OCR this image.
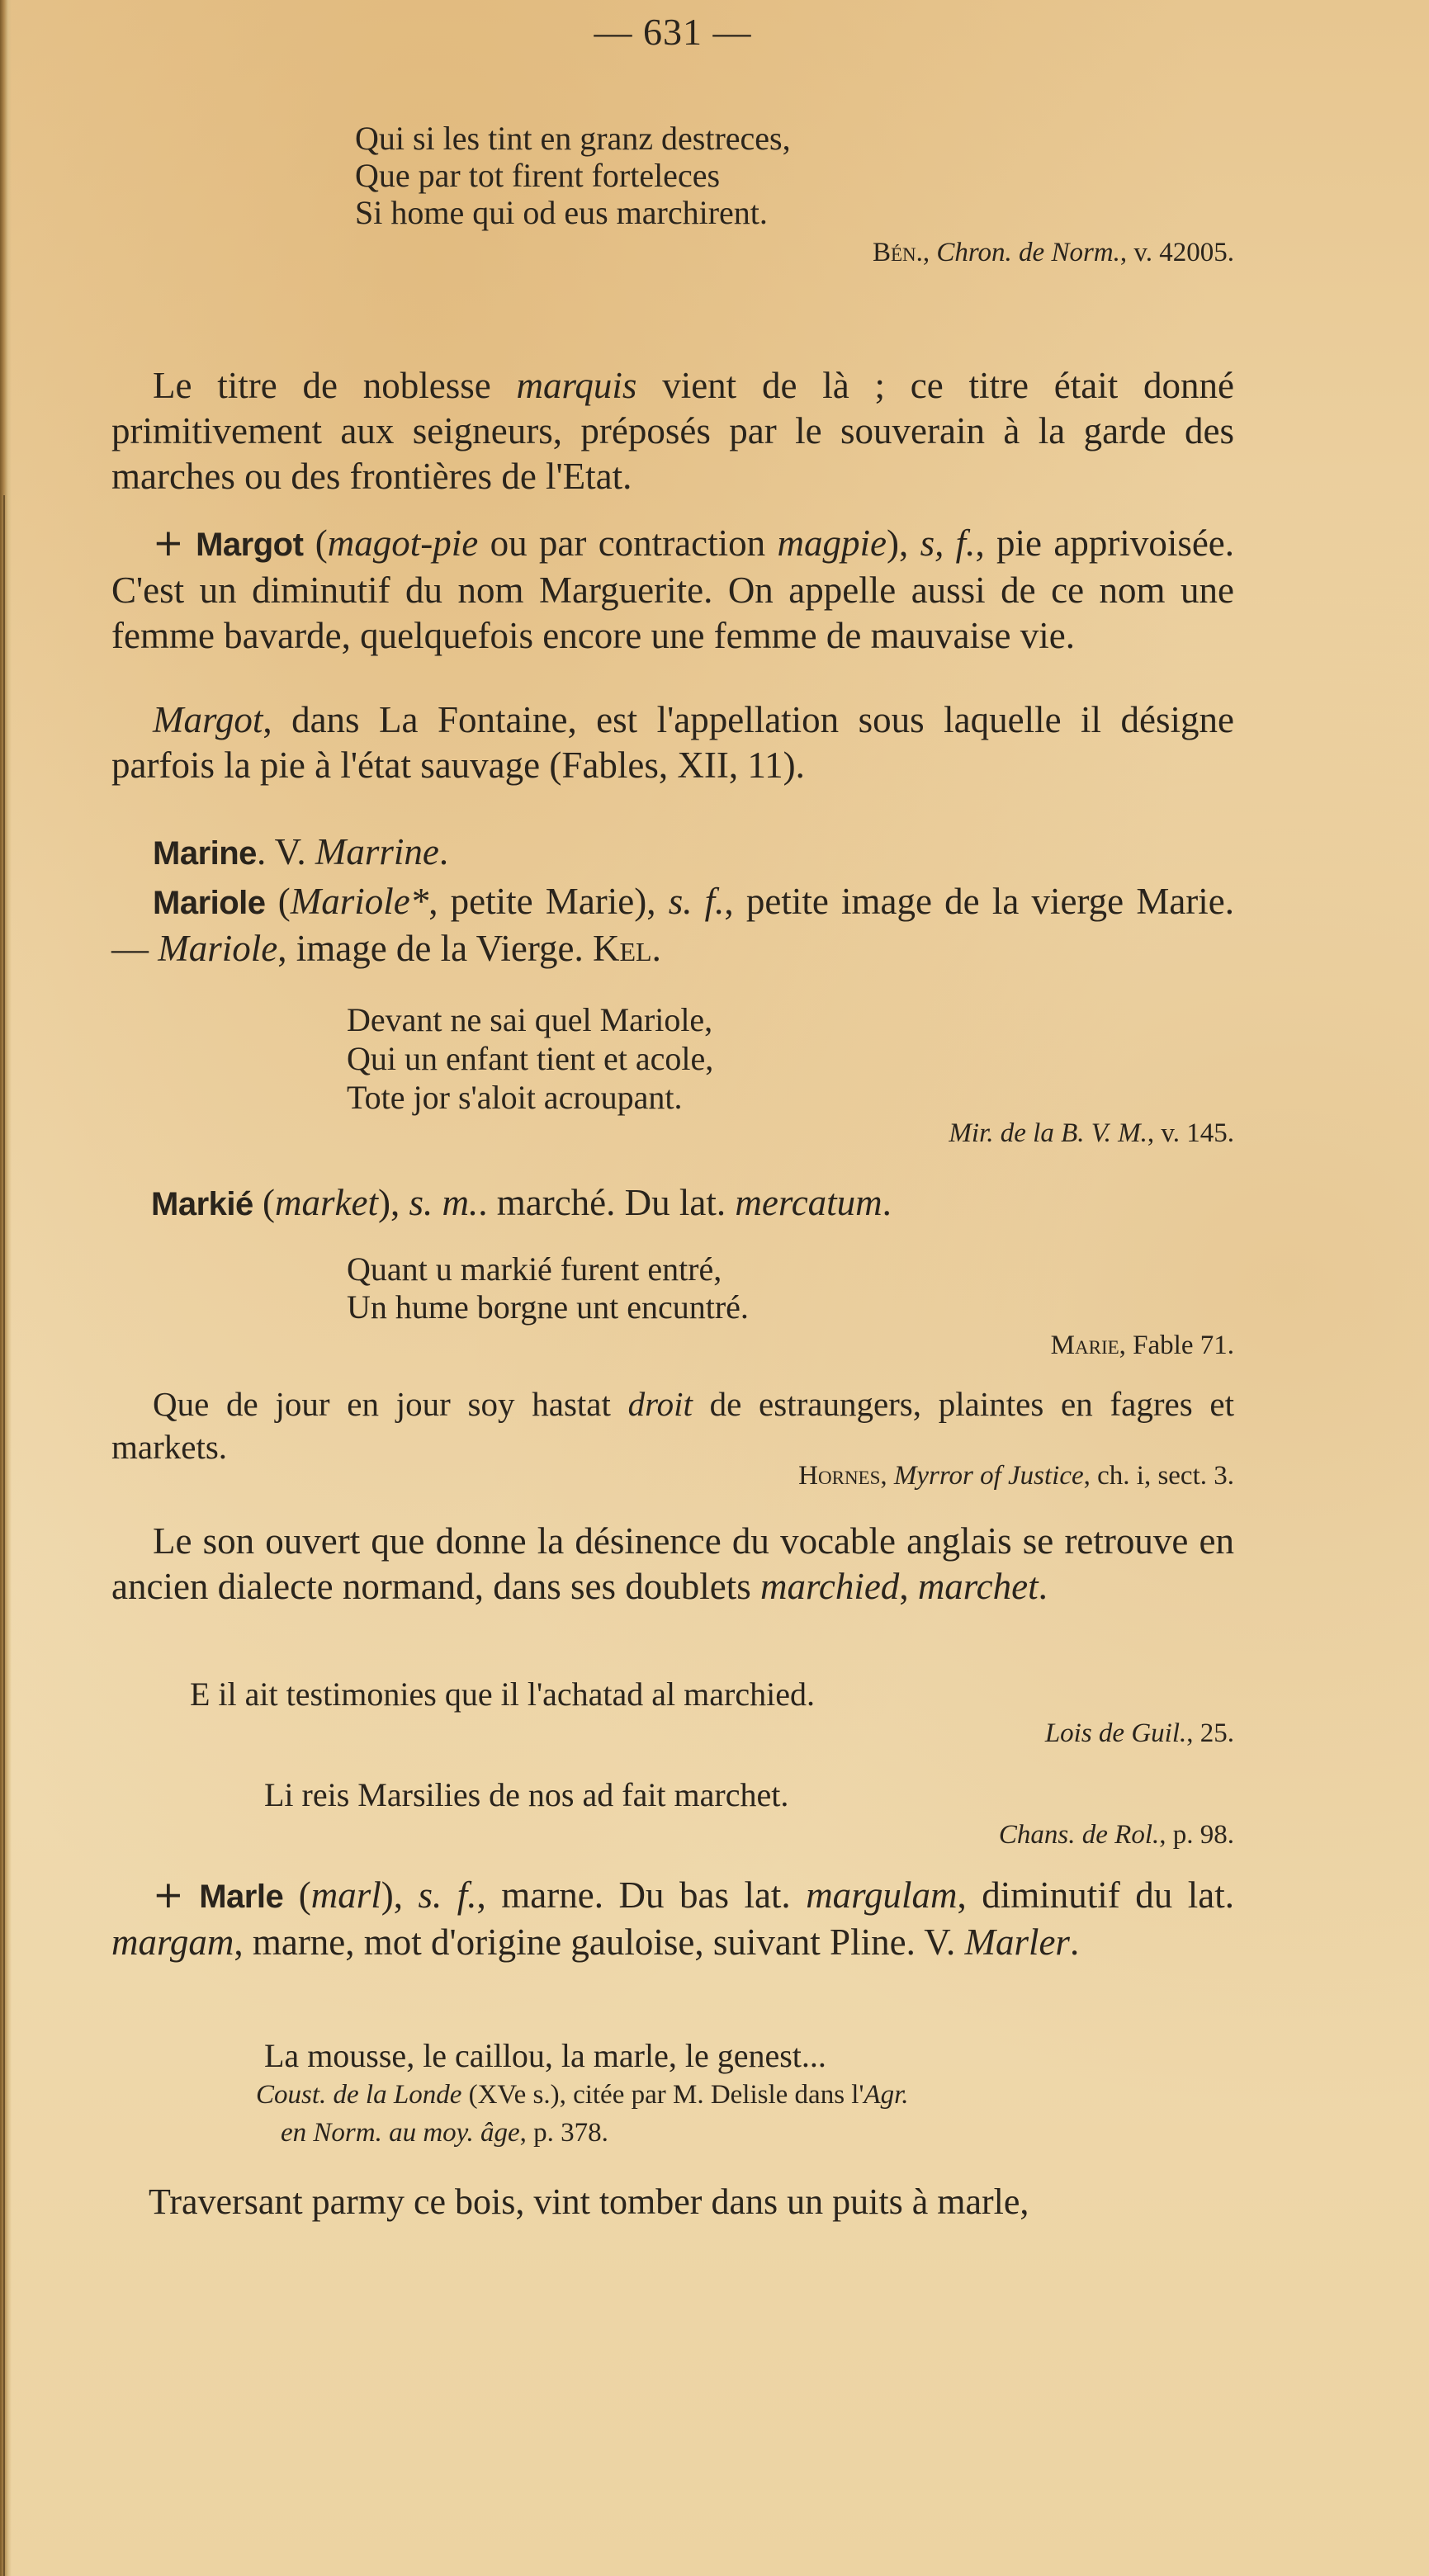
— 631 —
Qui si les tint en granz destreces,
Que par tot firent forteleces
Si home qui od eus marchirent.
Bén., Chron. de Norm., v. 42005.
Le titre de noblesse marquis vient de là ; ce titre était donné primitivement aux seigneurs, préposés par le souverain à la garde des marches ou des frontières de l'Etat.
+ Margot (magot-pie ou par contraction magpie), s, f., pie apprivoisée. C'est un diminutif du nom Marguerite. On appelle aussi de ce nom une femme bavarde, quelquefois encore une femme de mauvaise vie.
Margot, dans La Fontaine, est l'appellation sous laquelle il désigne parfois la pie à l'état sauvage (Fables, XII, 11).
Marine. V. Marrine.
Mariole (Mariole*, petite Marie), s. f., petite image de la vierge Marie. — Mariole, image de la Vierge. Kel.
Devant ne sai quel Mariole,
Qui un enfant tient et acole,
Tote jor s'aloit acroupant.
Mir. de la B. V. M., v. 145.
Markié (market), s. m.. marché. Du lat. mercatum.
Quant u markié furent entré,
Un hume borgne unt encuntré.
Marie, Fable 71.
Que de jour en jour soy hastat droit de estraungers, plaintes en fagres et markets.
Hornes, Myrror of Justice, ch. i, sect. 3.
Le son ouvert que donne la désinence du vocable anglais se retrouve en ancien dialecte normand, dans ses doublets marchied, marchet.
E il ait testimonies que il l'achatad al marchied.
Lois de Guil., 25.
Li reis Marsilies de nos ad fait marchet.
Chans. de Rol., p. 98.
+ Marle (marl), s. f., marne. Du bas lat. margulam, diminutif du lat. margam, marne, mot d'origine gauloise, suivant Pline. V. Marler.
La mousse, le caillou, la marle, le genest...
Coust. de la Londe (XVe s.), citée par M. Delisle dans l'Agr.
en Norm. au moy. âge, p. 378.
Traversant parmy ce bois, vint tomber dans un puits à marle,
